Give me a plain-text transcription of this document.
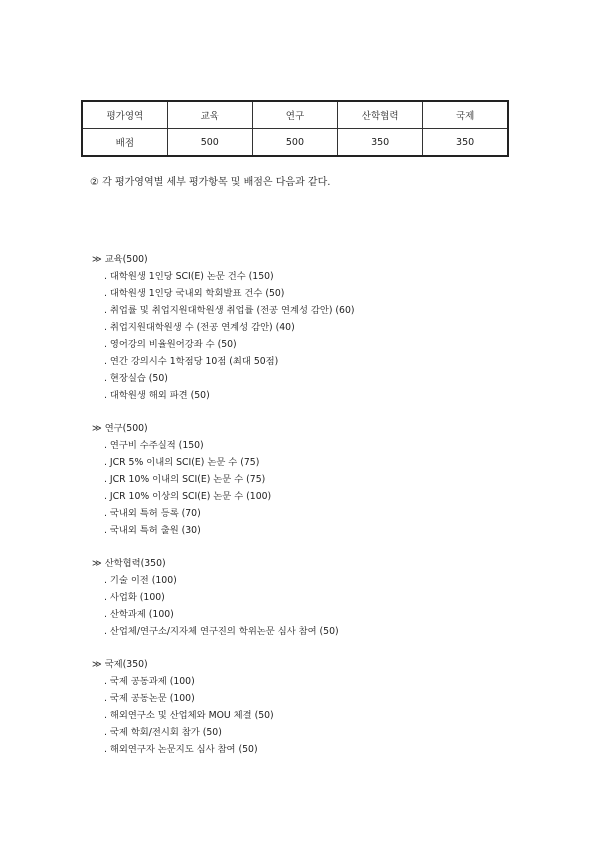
평가영역	교육	연구	산학협력	국제
배점	500	500	350	350
② 각 평가영역별 세부 평가항목 및 배점은 다음과 같다.
≫ 교육(500)
. 대학원생 1인당 SCI(E) 논문 건수 (150)
. 대학원생 1인당 국내외 학회발표 건수 (50)
. 취업률 및 취업지원대학원생 취업률 (전공 연계성 감안) (60)
. 취업지원대학원생 수 (전공 연계성 감안) (40)
. 영어강의 비율원어강좌 수 (50)
. 연간 강의시수 1학점당 10점 (최대 50점)
. 현장실습 (50)
. 대학원생 해외 파견 (50)
≫ 연구(500)
. 연구비 수주실적 (150)
. JCR 5% 이내의 SCI(E) 논문 수 (75)
. JCR 10% 이내의 SCI(E) 논문 수 (75)
. JCR 10% 이상의 SCI(E) 논문 수 (100)
. 국내외 특허 등록 (70)
. 국내외 특허 출원 (30)
≫ 산학협력(350)
. 기술 이전 (100)
. 사업화 (100)
. 산학과제 (100)
. 산업체/연구소/지자체 연구진의 학위논문 심사 참여 (50)
≫ 국제(350)
. 국제 공동과제 (100)
. 국제 공동논문 (100)
. 해외연구소 및 산업체와 MOU 체결 (50)
. 국제 학회/전시회 참가 (50)
. 해외연구자 논문지도 심사 참여 (50)
